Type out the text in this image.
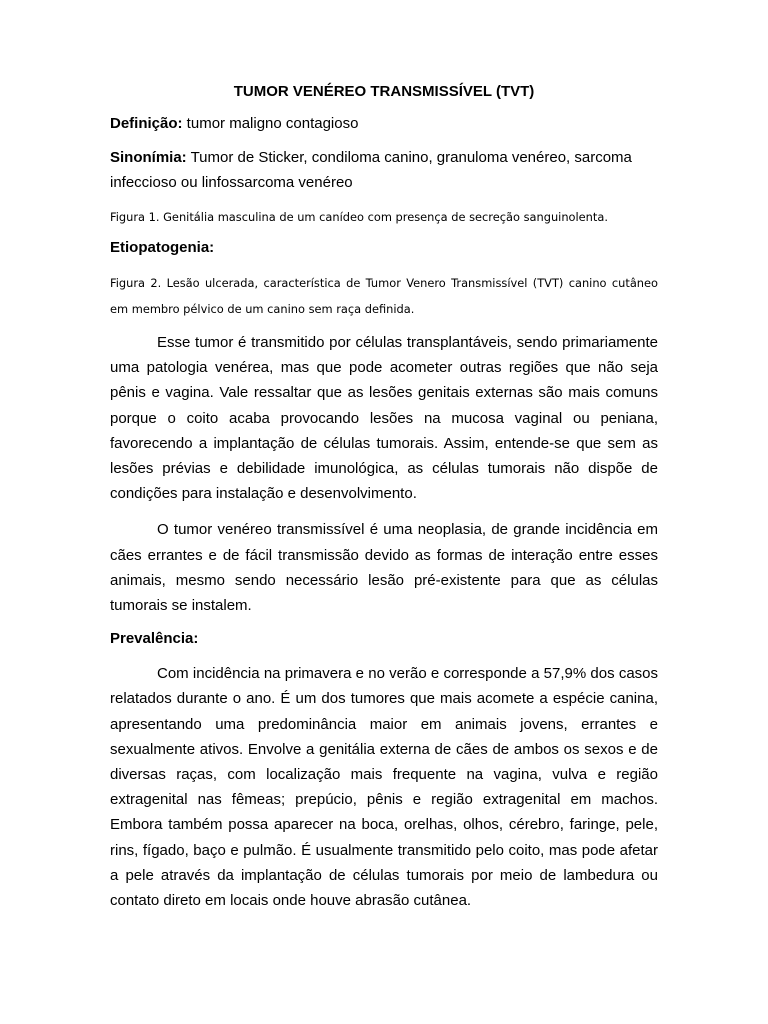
TUMOR VENÉREO TRANSMISSÍVEL (TVT)
Definição: tumor maligno contagioso
Sinonímia: Tumor de Sticker, condiloma canino, granuloma venéreo, sarcoma infeccioso ou linfossarcoma venéreo
Figura 1. Genitália masculina de um canídeo com presença de secreção sanguinolenta.
Etiopatogenia:
Figura 2. Lesão ulcerada, característica de Tumor Venero Transmissível (TVT) canino cutâneo em membro pélvico de um canino sem raça definida.

Esse tumor é transmitido por células transplantáveis, sendo primariamente uma patologia venérea, mas que pode acometer outras regiões que não seja pênis e vagina. Vale ressaltar que as lesões genitais externas são mais comuns porque o coito acaba provocando lesões na mucosa vaginal ou peniana, favorecendo a implantação de células tumorais. Assim, entende-se que sem as lesões prévias e debilidade imunológica, as células tumorais não dispõe de condições para instalação e desenvolvimento.

O tumor venéreo transmissível é uma neoplasia, de grande incidência em cães errantes e de fácil transmissão devido as formas de interação entre esses animais, mesmo sendo necessário lesão pré-existente para que as células tumorais se instalem.

Prevalência:

Com incidência na primavera e no verão e corresponde a 57,9% dos casos relatados durante o ano. É um dos tumores que mais acomete a espécie canina, apresentando uma predominância maior em animais jovens, errantes e sexualmente ativos. Envolve a genitália externa de cães de ambos os sexos e de diversas raças, com localização mais frequente na vagina, vulva e região extragenital nas fêmeas; prepúcio, pênis e região extragenital em machos. Embora também possa aparecer na boca, orelhas, olhos, cérebro, faringe, pele, rins, fígado, baço e pulmão. É usualmente transmitido pelo coito, mas pode afetar a pele através da implantação de células tumorais por meio de lambedura ou contato direto em locais onde houve abrasão cutânea.
